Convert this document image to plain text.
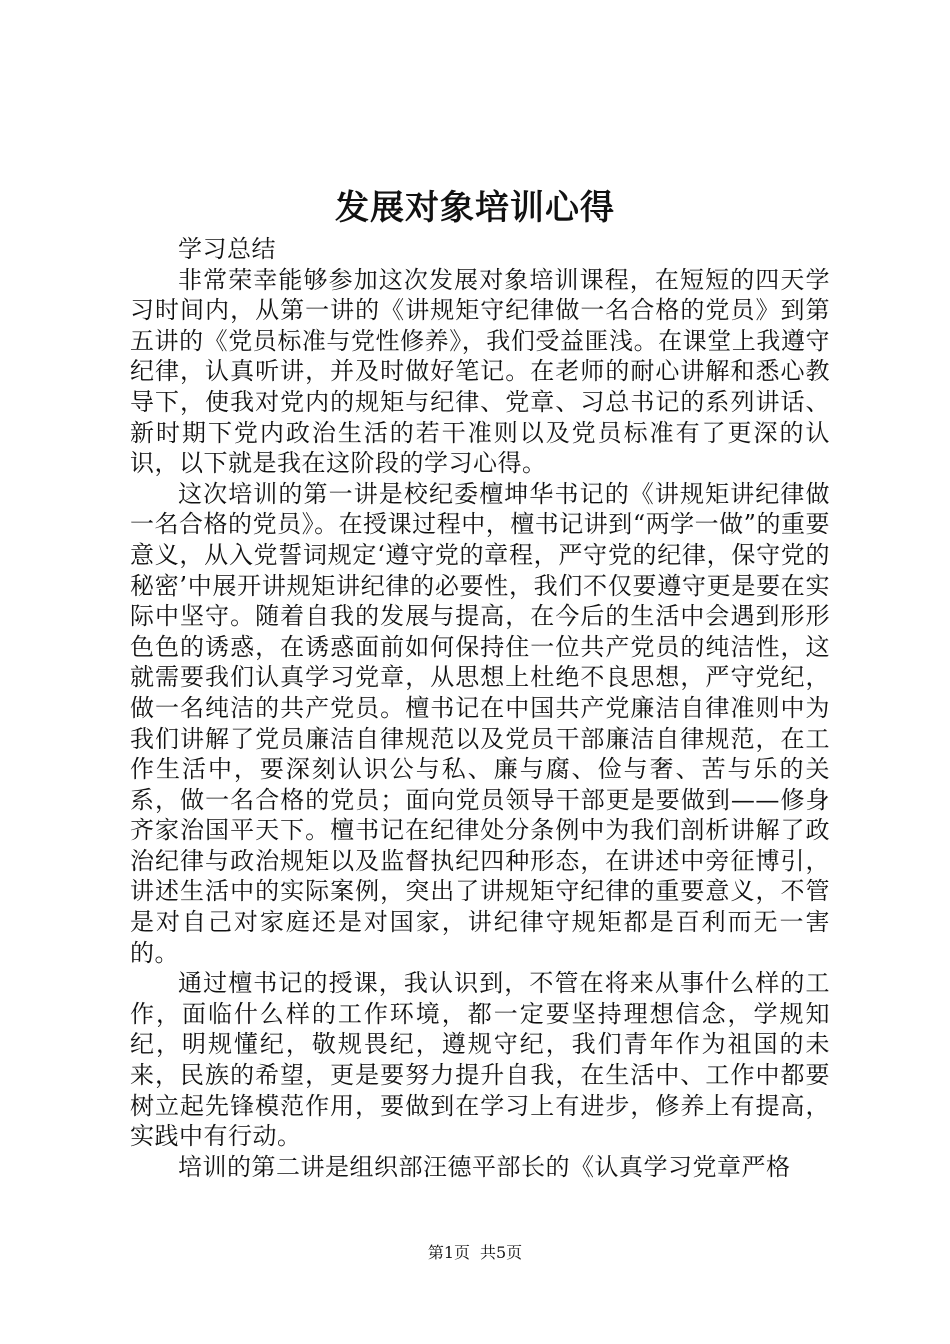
发展对象培训心得

学习总结

非常荣幸能够参加这次发展对象培训课程，在短短的四天学习时间内，从第一讲的《讲规矩守纪律做一名合格的党员》到第五讲的《党员标准与党性修养》，我们受益匪浅。在课堂上我遵守纪律，认真听讲，并及时做好笔记。在老师的耐心讲解和悉心教导下，使我对党内的规矩与纪律、党章、习总书记的系列讲话、新时期下党内政治生活的若干准则以及党员标准有了更深的认识，以下就是我在这阶段的学习心得。

这次培训的第一讲是校纪委檀坤华书记的《讲规矩讲纪律做一名合格的党员》。在授课过程中，檀书记讲到“两学一做”的重要意义，从入党誓词规定‘遵守党的章程，严守党的纪律，保守党的秘密’中展开讲规矩讲纪律的必要性，我们不仅要遵守更是要在实际中坚守。随着自我的发展与提高，在今后的生活中会遇到形形色色的诱惑，在诱惑面前如何保持住一位共产党员的纯洁性，这就需要我们认真学习党章，从思想上杜绝不良思想，严守党纪，做一名纯洁的共产党员。檀书记在中国共产党廉洁自律准则中为我们讲解了党员廉洁自律规范以及党员干部廉洁自律规范，在工作生活中，要深刻认识公与私、廉与腐、俭与奢、苦与乐的关系，做一名合格的党员；面向党员领导干部更是要做到——修身齐家治国平天下。檀书记在纪律处分条例中为我们剖析讲解了政治纪律与政治规矩以及监督执纪四种形态，在讲述中旁征博引，讲述生活中的实际案例，突出了讲规矩守纪律的重要意义，不管是对自己对家庭还是对国家，讲纪律守规矩都是百利而无一害的。

通过檀书记的授课，我认识到，不管在将来从事什么样的工作，面临什么样的工作环境，都一定要坚持理想信念，学规知纪，明规懂纪，敬规畏纪，遵规守纪，我们青年作为祖国的未来，民族的希望，更是要努力提升自我，在生活中、工作中都要树立起先锋模范作用，要做到在学习上有进步，修养上有提高，实践中有行动。

培训的第二讲是组织部汪德平部长的《认真学习党章严格

第1页 共5页
